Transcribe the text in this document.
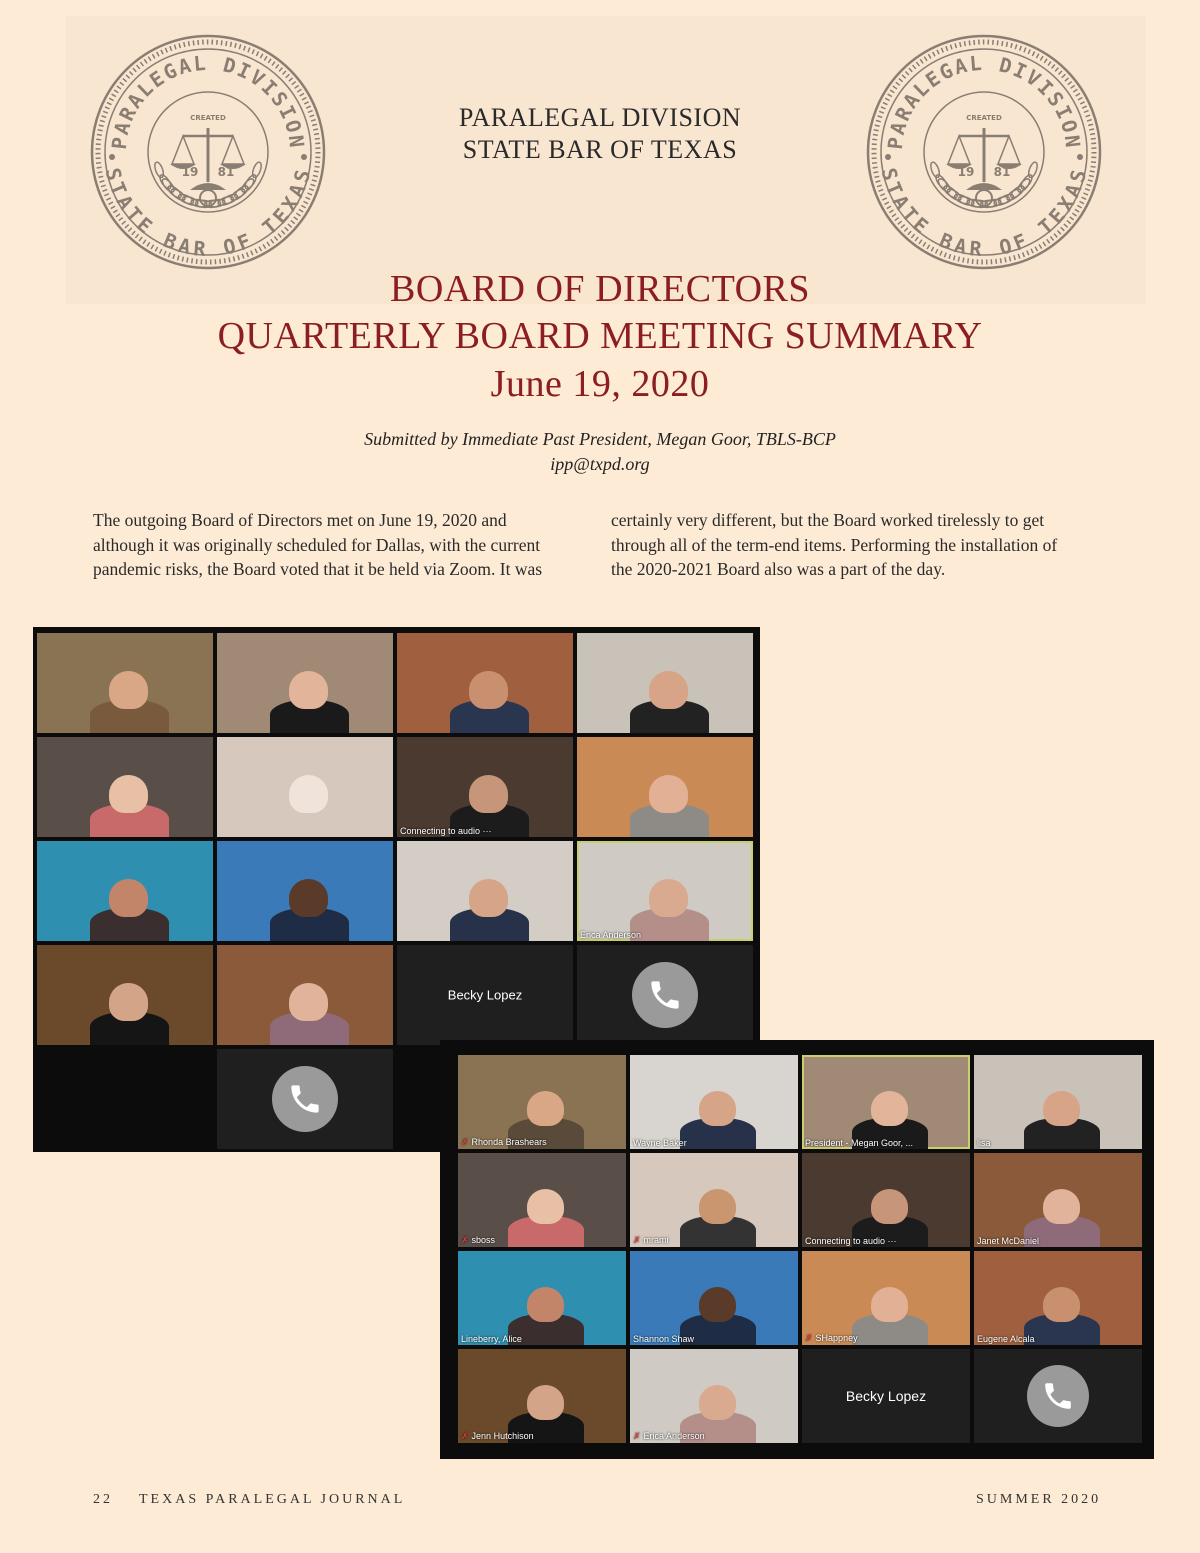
PARALEGAL DIVISION
STATE BAR OF TEXAS
CREATED
19 81
PARALEGAL DIVISION
STATE BAR OF TEXAS
CREATED
19 81
PARALEGAL DIVISION
STATE BAR OF TEXAS
BOARD OF DIRECTORS
QUARTERLY BOARD MEETING SUMMARY
June 19, 2020
Submitted by Immediate Past President, Megan Goor, TBLS-BCP
ipp@txpd.org
The outgoing Board of Directors met on June 19, 2020 and
although it was originally scheduled for Dallas, with the current
pandemic risks, the Board voted that it be held via Zoom. It was
certainly very different, but the Board worked tirelessly to get
through all of the term-end items. Performing the installation of
the 2020-2021 Board also was a part of the day.
Connecting to audio ···
Erica Anderson
Becky Lopez
✗ Rhonda Brashears	Wayne Baker	President - Megan Goor, ...	lisa
✗ sboss	✗ mrami	Connecting to audio ···	Janet McDaniel
Lineberry, Alice	Shannon Shaw	✗ SHappney	Eugene Alcala
✗ Jenn Hutchison	✗ Erica Anderson
Becky Lopez
22 TEXAS PARALEGAL JOURNAL	SUMMER 2020
